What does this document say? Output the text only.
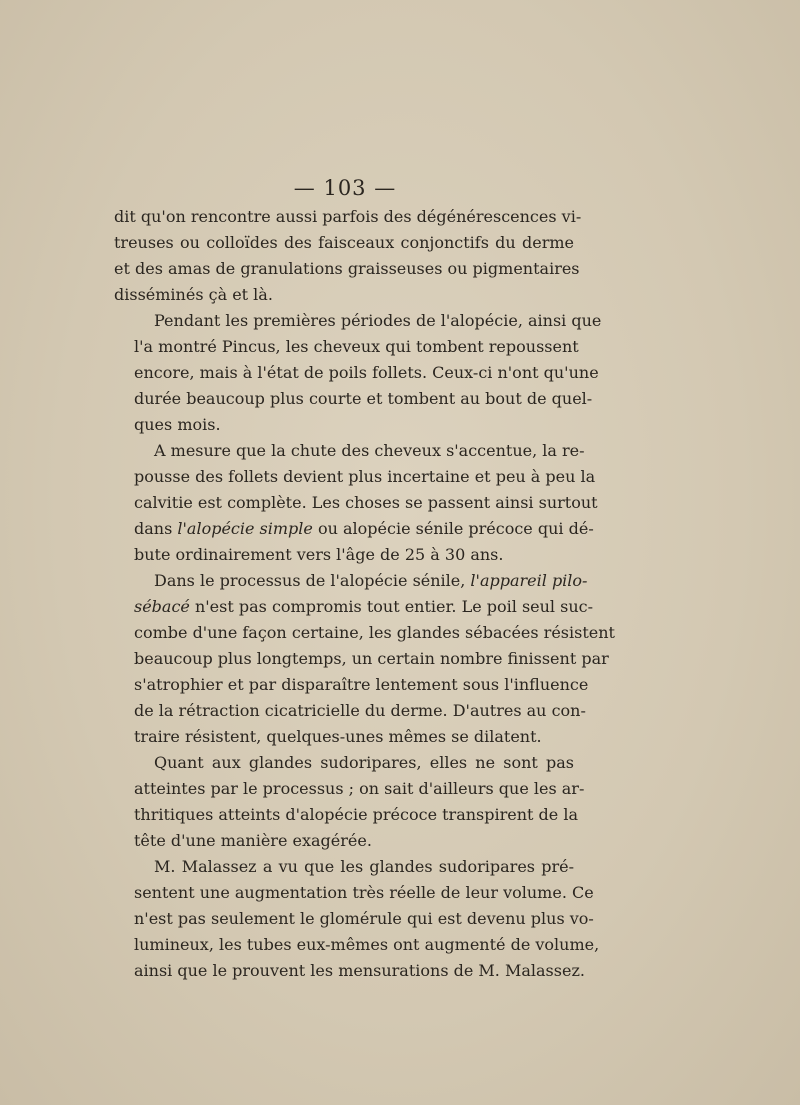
— 103 —
dit qu'on rencontre aussi parfois des dégénérescences vi-
treuses ou colloïdes des faisceaux conjonctifs du derme
et des amas de granulations graisseuses ou pigmentaires
disséminés çà et là.
Pendant les premières périodes de l'alopécie, ainsi que
l'a montré Pincus, les cheveux qui tombent repoussent
encore, mais à l'état de poils follets. Ceux-ci n'ont qu'une
durée beaucoup plus courte et tombent au bout de quel-
ques mois.
A mesure que la chute des cheveux s'accentue, la re-
pousse des follets devient plus incertaine et peu à peu la
calvitie est complète. Les choses se passent ainsi surtout
dans l'alopécie simple ou alopécie sénile précoce qui dé-
bute ordinairement vers l'âge de 25 à 30 ans.
Dans le processus de l'alopécie sénile, l'appareil pilo-
sébacé n'est pas compromis tout entier. Le poil seul suc-
combe d'une façon certaine, les glandes sébacées résistent
beaucoup plus longtemps, un certain nombre finissent par
s'atrophier et par disparaître lentement sous l'influence
de la rétraction cicatricielle du derme. D'autres au con-
traire résistent, quelques-unes mêmes se dilatent.
Quant aux glandes sudoripares, elles ne sont pas
atteintes par le processus ; on sait d'ailleurs que les ar-
thritiques atteints d'alopécie précoce transpirent de la
tête d'une manière exagérée.
M. Malassez a vu que les glandes sudoripares pré-
sentent une augmentation très réelle de leur volume. Ce
n'est pas seulement le glomérule qui est devenu plus vo-
lumineux, les tubes eux-mêmes ont augmenté de volume,
ainsi que le prouvent les mensurations de M. Malassez.
